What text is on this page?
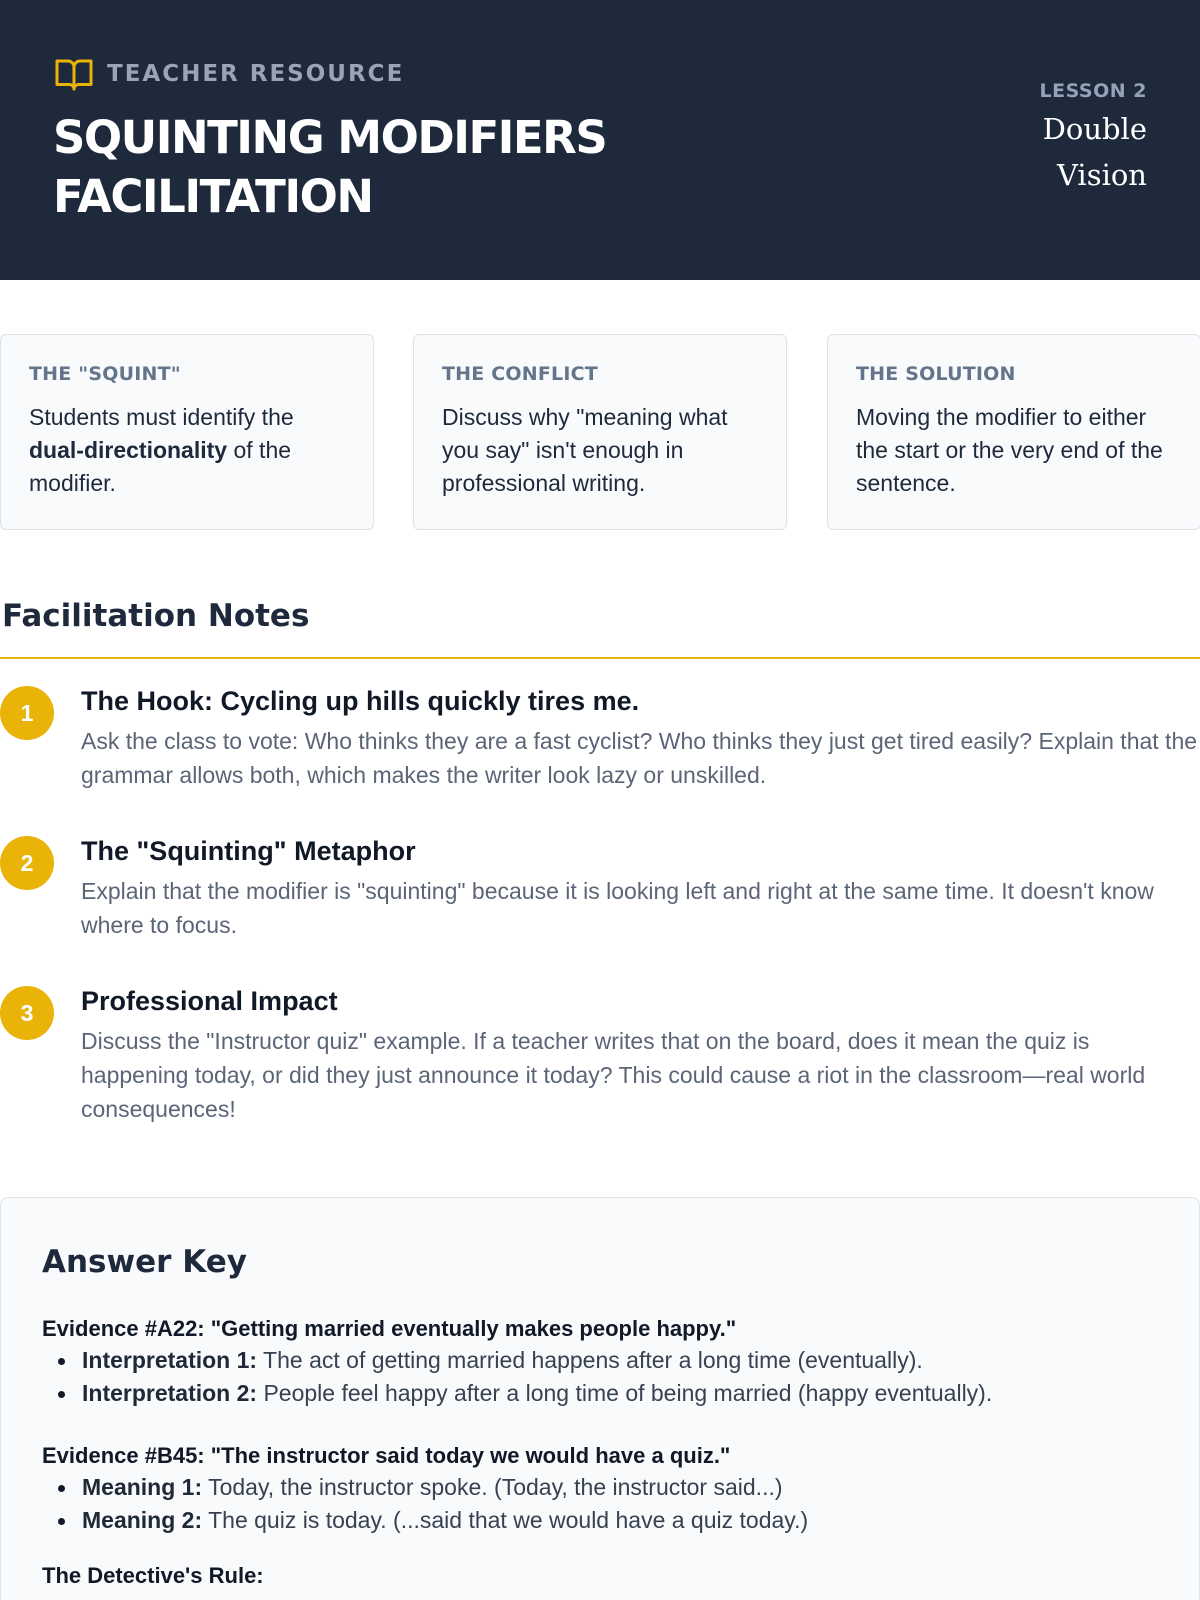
TEACHER RESOURCE
SQUINTING MODIFIERS FACILITATION
LESSON 2
Double Vision
THE "SQUINT"

Students must identify the dual-directionality of the modifier.

THE CONFLICT

Discuss why "meaning what you say" isn't enough in professional writing.

THE SOLUTION

Moving the modifier to either the start or the very end of the sentence.

Facilitation Notes
1	The Hook: Cycling up hills quickly tires me.

Ask the class to vote: Who thinks they are a fast cyclist? Who thinks they just get tired easily? Explain that the grammar allows both, which makes the writer look lazy or unskilled.

2	The "Squinting" Metaphor

Explain that the modifier is "squinting" because it is looking left and right at the same time. It doesn't know where to focus.

3	Professional Impact

Discuss the "Instructor quiz" example. If a teacher writes that on the board, does it mean the quiz is happening today, or did they just announce it today? This could cause a riot in the classroom—real world consequences!

Answer Key
Evidence #A22: "Getting married eventually makes people happy."
Interpretation 1: The act of getting married happens after a long time (eventually).
Interpretation 2: People feel happy after a long time of being married (happy eventually).
Evidence #B45: "The instructor said today we would have a quiz."
Meaning 1: Today, the instructor spoke. (Today, the instructor said...)
Meaning 2: The quiz is today. (...said that we would have a quiz today.)
The Detective's Rule:
